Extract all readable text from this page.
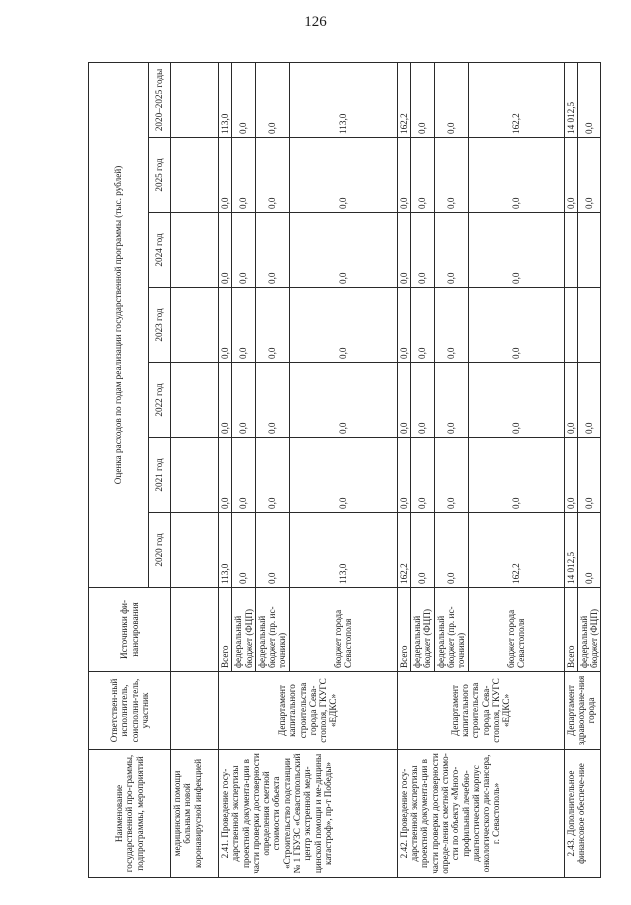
126
Наименование государственной про-граммы, подпрограммы, мероприятий	Ответствен-ный исполнитель, соисполни-тель, участник	Источники фи-нансирования	Оценка расходов по годам реализации государственной программы (тыс. рублей)						
			2020 год	2021 год	2022 год	2023 год	2024 год	2025 год	2020–2025 годы
медицинской помощи больным новой коронавирусной инфекцией									
2.41. Проведение госу-дарственной экспертизы проектной документа-ции в части проверки достоверности определения сметной стоимости объекта «Строительство подстанции № 1 ГБУЗС «Севастопольский центр экстренной меди-цинской помощи и ме-дицины катастроф», пр-т Победы»	Департамент капитального строительства города Сева-стополя, ГКУГС «ЕДКС»	Всего	113,0	0,0	0,0	0,0	0,0	0,0	113,0
		федеральный бюджет (ФЦП)	0,0	0,0	0,0	0,0	0,0	0,0	0,0
		федеральный бюджет (пр. ис-точники)	0,0	0,0	0,0	0,0	0,0	0,0	0,0
		бюджет города Севастополя	113,0	0,0	0,0	0,0	0,0	0,0	113,0
2.42. Проведение госу-дарственной экспертизы проектной документа-ции в части проверки достоверности опреде-ления сметной стоимо-сти по объекту «Много-профильный лечебно-диагностический корпус онкологического дис-пансера, г. Севастополь»	Департамент капитального строительства города Сева-стополя, ГКУГС «ЕДКС»	Всего	162,2	0,0	0,0	0,0	0,0	0,0	162,2
		федеральный бюджет (ФЦП)	0,0	0,0	0,0	0,0	0,0	0,0	0,0
		федеральный бюджет (пр. ис-точники)	0,0	0,0	0,0	0,0	0,0	0,0	0,0
		бюджет города Севастополя	162,2	0,0	0,0	0,0	0,0	0,0	162,2
2.43. Дополнительное финансовое обеспече-ние	Департамент здравоохране-ния города	Всего	14 012,5	0,0	0,0			0,0	14 012,5
		федеральный бюджет (ФЦП)	0,0	0,0	0,0			0,0	0,0
